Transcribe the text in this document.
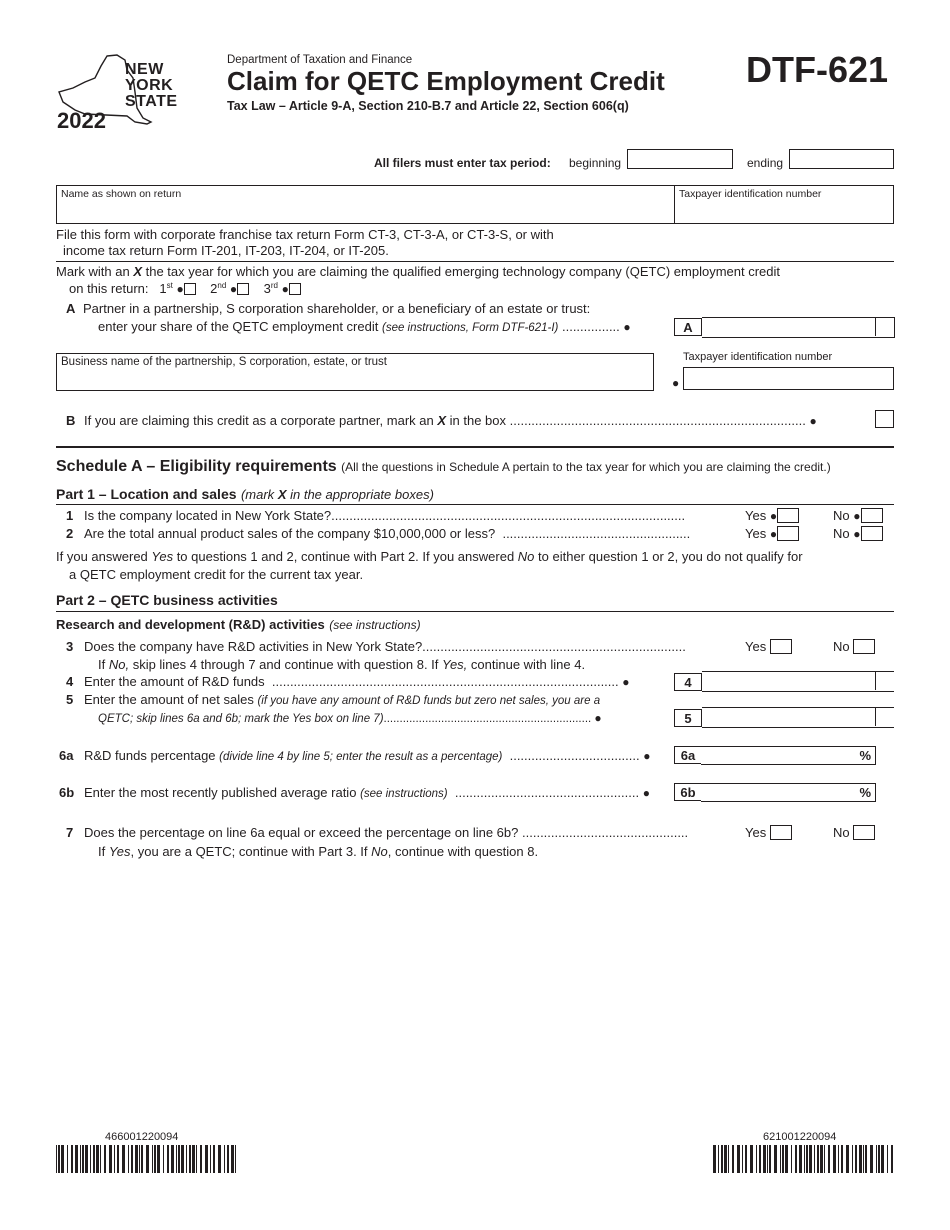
NEW
YORK
STATE
2022
Department of Taxation and Finance
Claim for QETC Employment Credit
Tax Law – Article 9-A, Section 210-B.7 and Article 22, Section 606(q)
DTF-621
All filers must enter tax period: beginning	ending
Name as shown on return	Taxpayer identification number
File this form with corporate franchise tax return Form CT-3, CT-3-A, or CT-3-S, or with
income tax return Form IT-201, IT-203, IT-204, or IT-205.
Mark with an X the tax year for which you are claiming the qualified emerging technology company (QETC) employment credit
on this return: 1st ● 2nd ● 3rd ●
A Partner in a partnership, S corporation shareholder, or a beneficiary of an estate or trust:
enter your share of the QETC employment credit (see instructions, Form DTF-621-I) ................ ●	A
Business name of the partnership, S corporation, estate, or trust	Taxpayer identification number
●
B If you are claiming this credit as a corporate partner, mark an X in the box .................................................................................. ●
Schedule A – Eligibility requirements (All the questions in Schedule A pertain to the tax year for which you are claiming the credit.)
Part 1 – Location and sales (mark X in the appropriate boxes)
1 Is the company located in New York State?..................................................................................................	Yes ●	No ●
2 Are the total annual product sales of the company $10,000,000 or less? ....................................................	Yes ●	No ●
If you answered Yes to questions 1 and 2, continue with Part 2. If you answered No to either question 1 or 2, you do not qualify for
a QETC employment credit for the current tax year.
Part 2 – QETC business activities
Research and development (R&D) activities (see instructions)
3 Does the company have R&D activities in New York State?.........................................................................	Yes	No
If No, skip lines 4 through 7 and continue with question 8. If Yes, continue with line 4.
4 Enter the amount of R&D funds ................................................................................................ ●	4
5 Enter the amount of net sales (if you have any amount of R&D funds but zero net sales, you are a
QETC; skip lines 6a and 6b; mark the Yes box on line 7)................................................................. ●	5
6a R&D funds percentage (divide line 4 by line 5; enter the result as a percentage) .................................... ●	6a	%
6b Enter the most recently published average ratio (see instructions) ................................................... ●	6b	%
7 Does the percentage on line 6a equal or exceed the percentage on line 6b? ..............................................	Yes	No
If Yes, you are a QETC; continue with Part 3. If No, continue with question 8.
466001220094	621001220094
